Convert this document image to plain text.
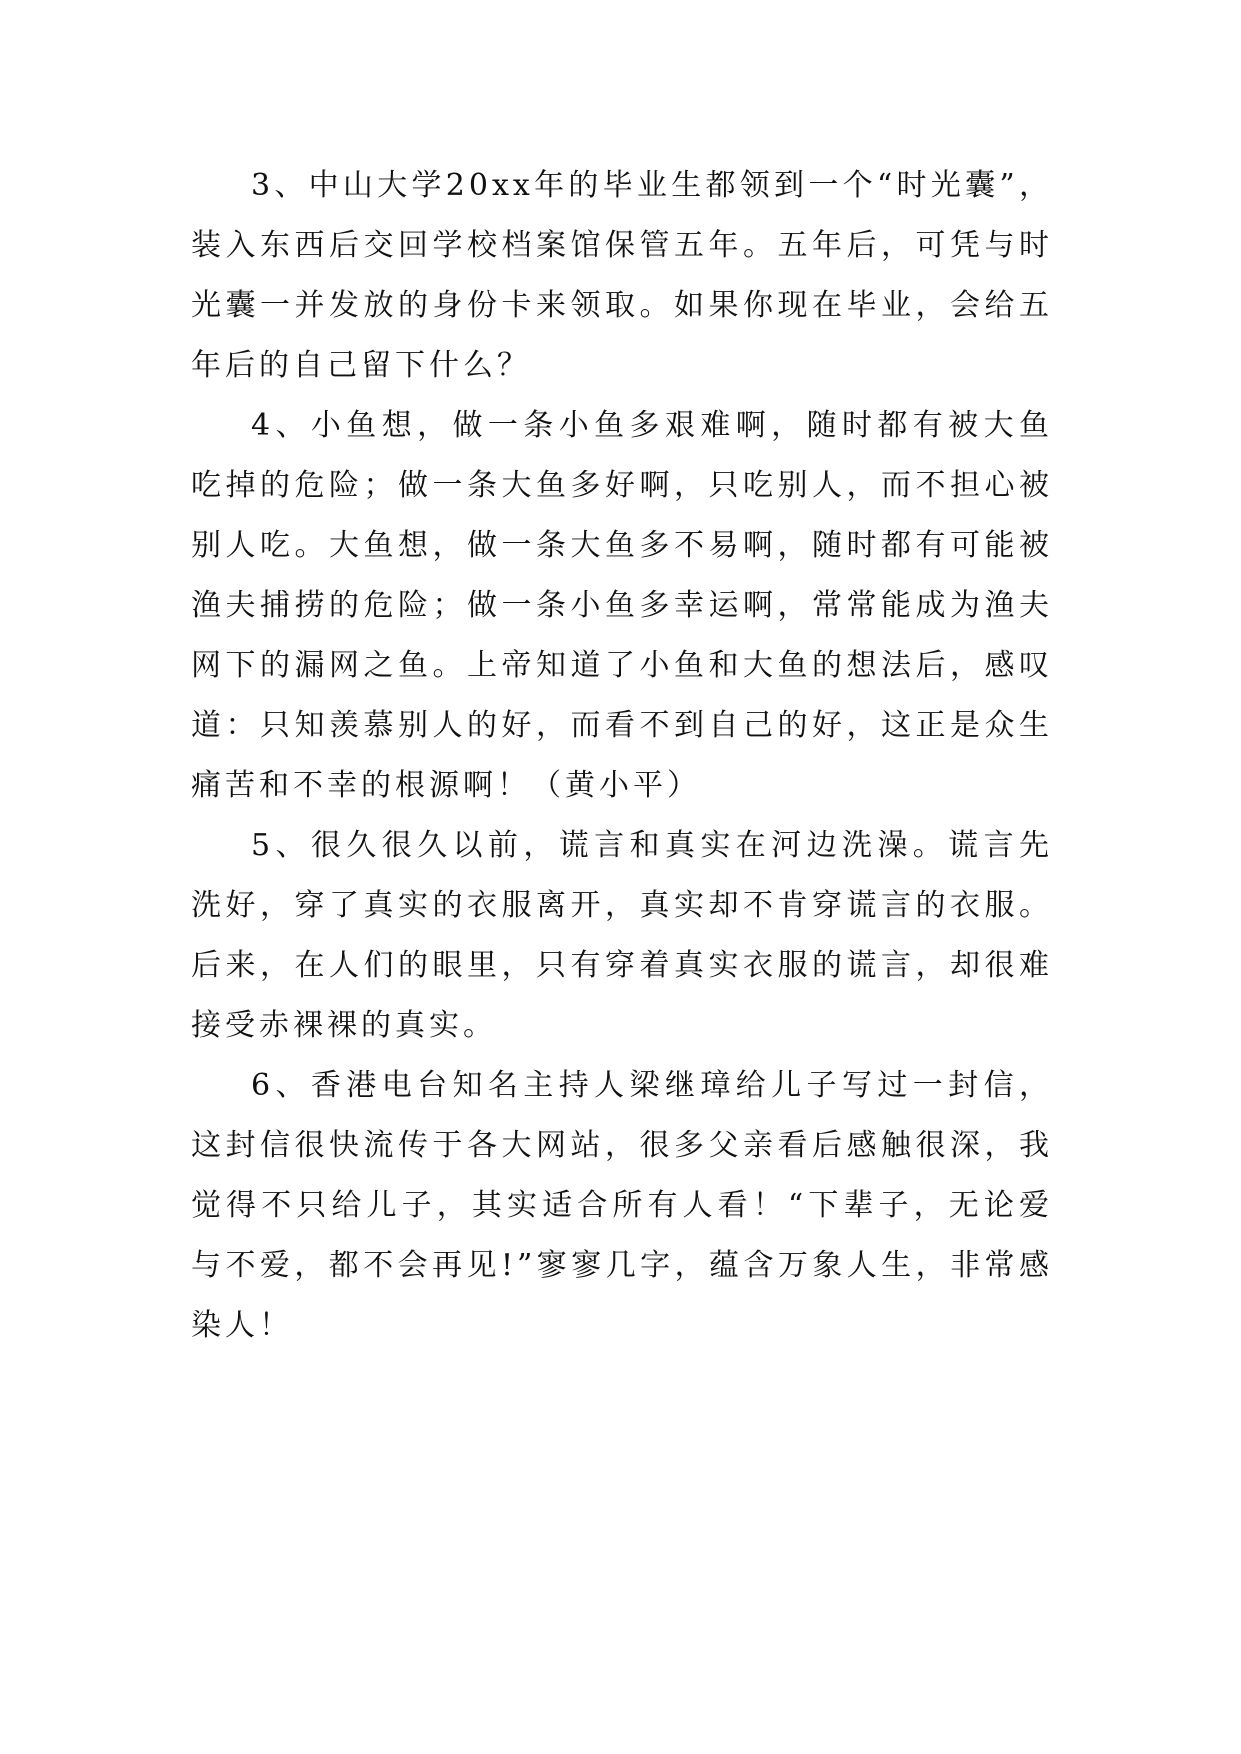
3、中山大学20xx年的毕业生都领到一个“时光囊”，装入东西后交回学校档案馆保管五年。五年后，可凭与时光囊一并发放的身份卡来领取。如果你现在毕业，会给五年后的自己留下什么？

4、小鱼想，做一条小鱼多艰难啊，随时都有被大鱼吃掉的危险；做一条大鱼多好啊，只吃别人，而不担心被别人吃。大鱼想，做一条大鱼多不易啊，随时都有可能被渔夫捕捞的危险；做一条小鱼多幸运啊，常常能成为渔夫网下的漏网之鱼。上帝知道了小鱼和大鱼的想法后，感叹道：只知羡慕别人的好，而看不到自己的好，这正是众生痛苦和不幸的根源啊！（黄小平）

5、很久很久以前，谎言和真实在河边洗澡。谎言先洗好，穿了真实的衣服离开，真实却不肯穿谎言的衣服。后来，在人们的眼里，只有穿着真实衣服的谎言，却很难接受赤裸裸的真实。

6、香港电台知名主持人梁继璋给儿子写过一封信，这封信很快流传于各大网站，很多父亲看后感触很深，我觉得不只给儿子，其实适合所有人看！“下辈子，无论爱与不爱，都不会再见!”寥寥几字，蕴含万象人生，非常感染人！
